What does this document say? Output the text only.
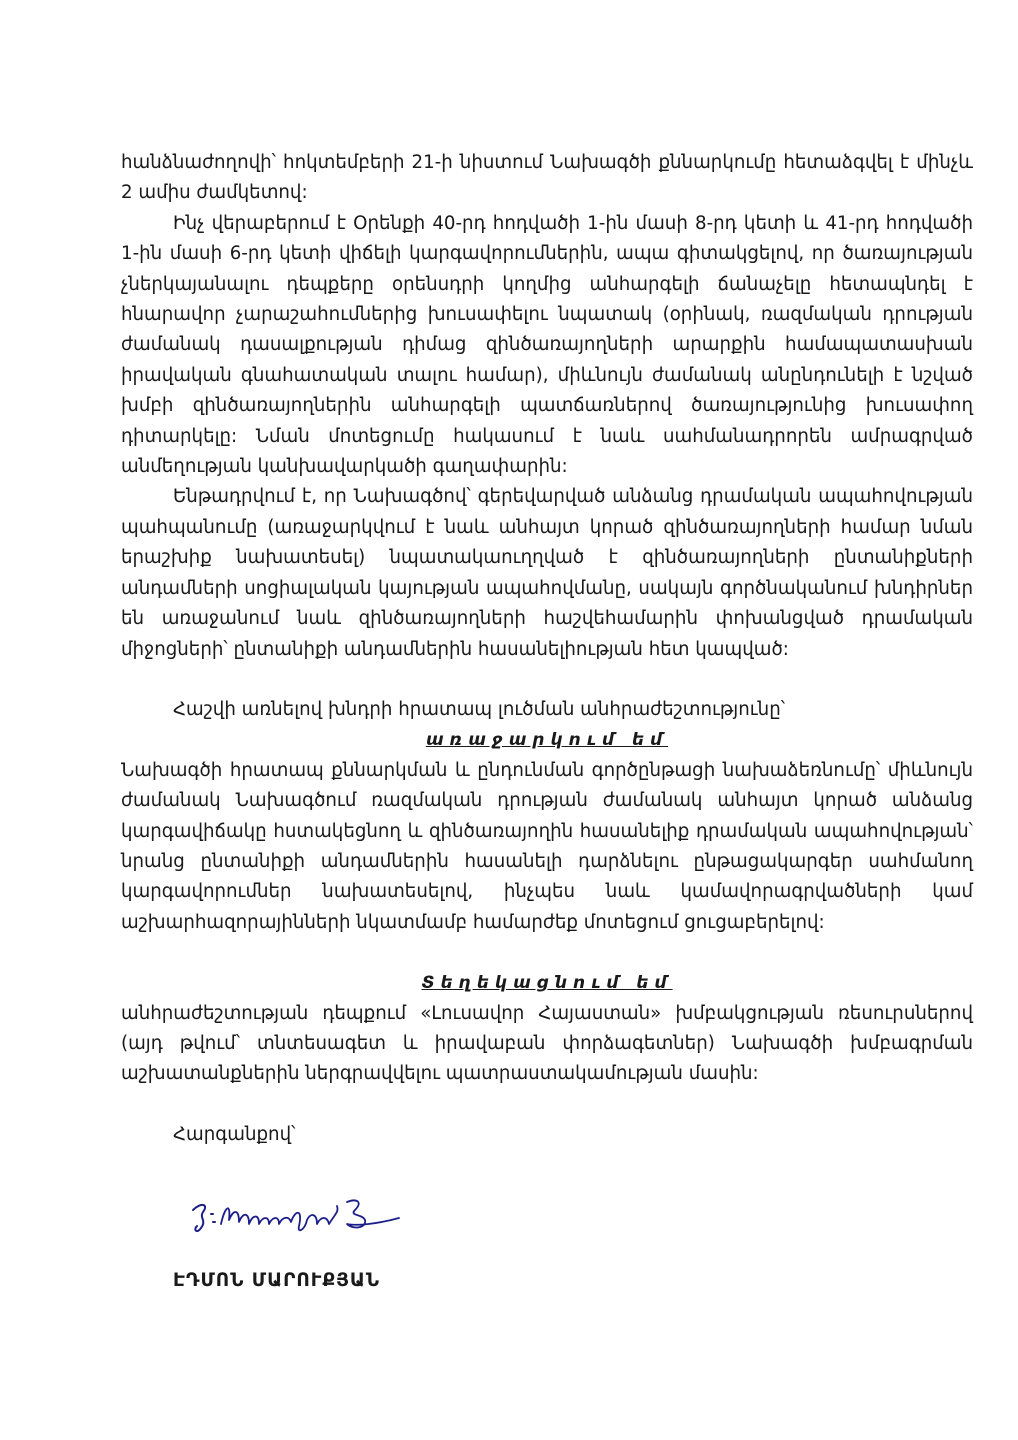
հանձնաժողովի՝ հոկտեմբերի 21-ի նիստում Նախագծի քննարկումը հետաձգվել է մինչև 2 ամիս ժամկետով:

Ինչ վերաբերում է Օրենքի 40-րդ հոդվածի 1-ին մասի 8-րդ կետի և 41-րդ հոդվածի 1-ին մասի 6-րդ կետի վիճելի կարգավորումներին, ապա գիտակցելով, որ ծառայության չներկայանալու դեպքերը օրենսդրի կողմից անհարգելի ճանաչելը հետապնդել է հնարավոր չարաշահումներից խուսափելու նպատակ (օրինակ, ռազմական դրության ժամանակ դասալքության դիմաց զինծառայողների արարքին համապատասխան իրավական գնահատական տալու համար), միևնույն ժամանակ անընդունելի է նշված խմբի զինծառայողներին անհարգելի պատճառներով ծառայությունից խուսափող դիտարկելը: Նման մոտեցումը հակասում է նաև սահմանադրորեն ամրագրված անմեղության կանխավարկածի գաղափարին:

Ենթադրվում է, որ Նախագծով՝ գերեվարված անձանց դրամական ապահովության պահպանումը (առաջարկվում է նաև անհայտ կորած զինծառայողների համար նման երաշխիք նախատեսել) նպատակաուղղված է զինծառայողների ընտանիքների անդամների սոցիալական կայության ապահովմանը, սակայն գործնականում խնդիրներ են առաջանում նաև զինծառայողների հաշվեհամարին փոխանցված դրամական միջոցների՝ ընտանիքի անդամներին հասանելիության հետ կապված:

Հաշվի առնելով խնդրի հրատապ լուծման անհրաժեշտությունը՝

առաջարկում եմ

Նախագծի հրատապ քննարկման և ընդունման գործընթացի նախաձեռնումը՝ միևնույն ժամանակ Նախագծում ռազմական դրության ժամանակ անհայտ կորած անձանց կարգավիճակը հստակեցնող և զինծառայողին հասանելիք դրամական ապահովության՝ նրանց ընտանիքի անդամներին հասանելի դարձնելու ընթացակարգեր սահմանող կարգավորումներ նախատեսելով, ինչպես նաև կամավորագրվածների կամ աշխարհազորայինների նկատմամբ համարժեք մոտեցում ցուցաբերելով:

Տեղեկացնում եմ

անհրաժեշտության դեպքում «Լուսավոր Հայաստան» խմբակցության ռեսուրսներով (այդ թվում՝ տնտեսագետ և իրավաբան փորձագետներ) Նախագծի խմբագրման աշխատանքներին ներգրավվելու պատրաստակամության մասին:

Հարգանքով՝

ԷԴՄՈՆ ՄԱՐՈՒՔՅԱՆ
